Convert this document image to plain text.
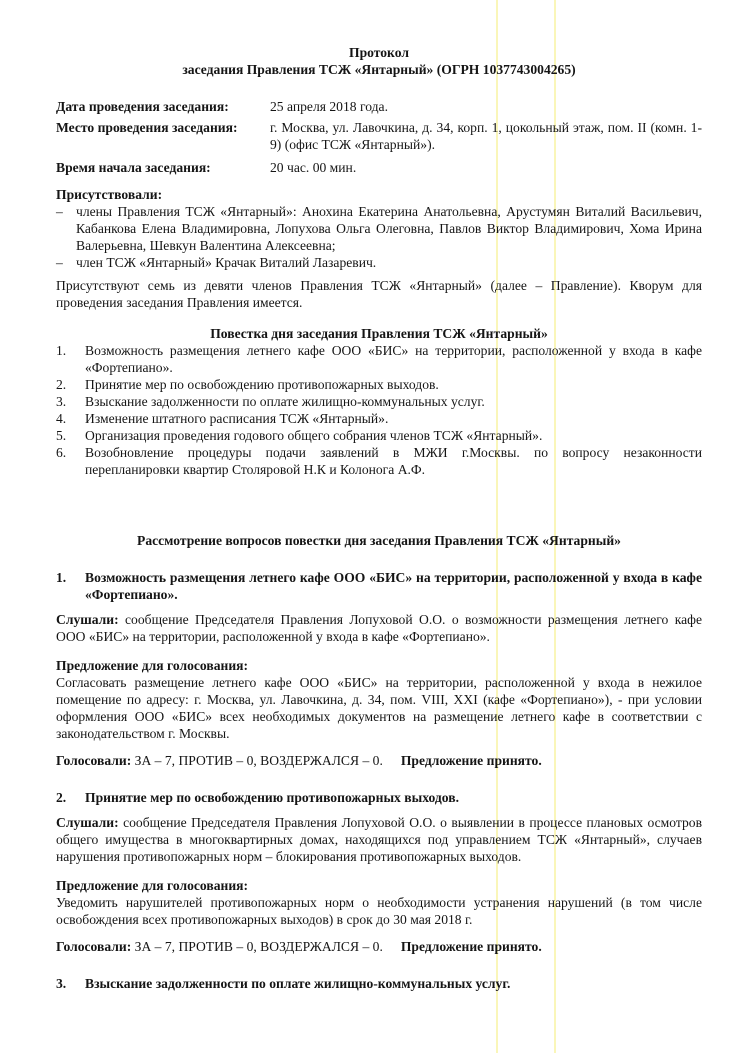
Протокол
заседания Правления ТСЖ «Янтарный» (ОГРН 1037743004265)
Дата проведения заседания:	25 апреля 2018 года.
Место проведения заседания:	г. Москва, ул. Лавочкина, д. 34, корп. 1, цокольный этаж, пом. II (комн. 1-9) (офис ТСЖ «Янтарный»).
Время начала заседания:	20 час. 00 мин.
Присутствовали:
– члены Правления ТСЖ «Янтарный»: Анохина Екатерина Анатольевна, Арустумян Виталий Васильевич, Кабанкова Елена Владимировна, Лопухова Ольга Олеговна, Павлов Виктор Владимирович, Хома Ирина Валерьевна, Шевкун Валентина Алексеевна;
– член ТСЖ «Янтарный» Крачак Виталий Лазаревич.

Присутствуют семь из девяти членов Правления ТСЖ «Янтарный» (далее – Правление). Кворум для проведения заседания Правления имеется.

Повестка дня заседания Правления ТСЖ «Янтарный»
1.	Возможность размещения летнего кафе ООО «БИС» на территории, расположенной у входа в кафе «Фортепиано».
2.	Принятие мер по освобождению противопожарных выходов.
3.	Взыскание задолженности по оплате жилищно-коммунальных услуг.
4.	Изменение штатного расписания ТСЖ «Янтарный».
5.	Организация проведения годового общего собрания членов ТСЖ «Янтарный».
6.	Возобновление процедуры подачи заявлений в МЖИ г.Москвы. по вопросу незаконности перепланировки квартир Столяровой Н.К и Колонога А.Ф.
Рассмотрение вопросов повестки дня заседания Правления ТСЖ «Янтарный»
1.	Возможность размещения летнего кафе ООО «БИС» на территории, расположенной у входа в кафе «Фортепиано».

Слушали: сообщение Председателя Правления Лопуховой О.О. о возможности размещения летнего кафе ООО «БИС» на территории, расположенной у входа в кафе «Фортепиано».

Предложение для голосования:

Согласовать размещение летнего кафе ООО «БИС» на территории, расположенной у входа в нежилое помещение по адресу: г. Москва, ул. Лавочкина, д. 34, пом. VIII, XXI (кафе «Фортепиано»), - при условии оформления ООО «БИС» всех необходимых документов на размещение летнего кафе в соответствии с законодательством г. Москвы.

Голосовали: ЗА – 7, ПРОТИВ – 0, ВОЗДЕРЖАЛСЯ – 0. Предложение принято.
2.	Принятие мер по освобождению противопожарных выходов.

Слушали: сообщение Председателя Правления Лопуховой О.О. о выявлении в процессе плановых осмотров общего имущества в многоквартирных домах, находящихся под управлением ТСЖ «Янтарный», случаев нарушения противопожарных норм – блокирования противопожарных выходов.

Предложение для голосования:

Уведомить нарушителей противопожарных норм о необходимости устранения нарушений (в том числе освобождения всех противопожарных выходов) в срок до 30 мая 2018 г.

Голосовали: ЗА – 7, ПРОТИВ – 0, ВОЗДЕРЖАЛСЯ – 0. Предложение принято.
3.	Взыскание задолженности по оплате жилищно-коммунальных услуг.
